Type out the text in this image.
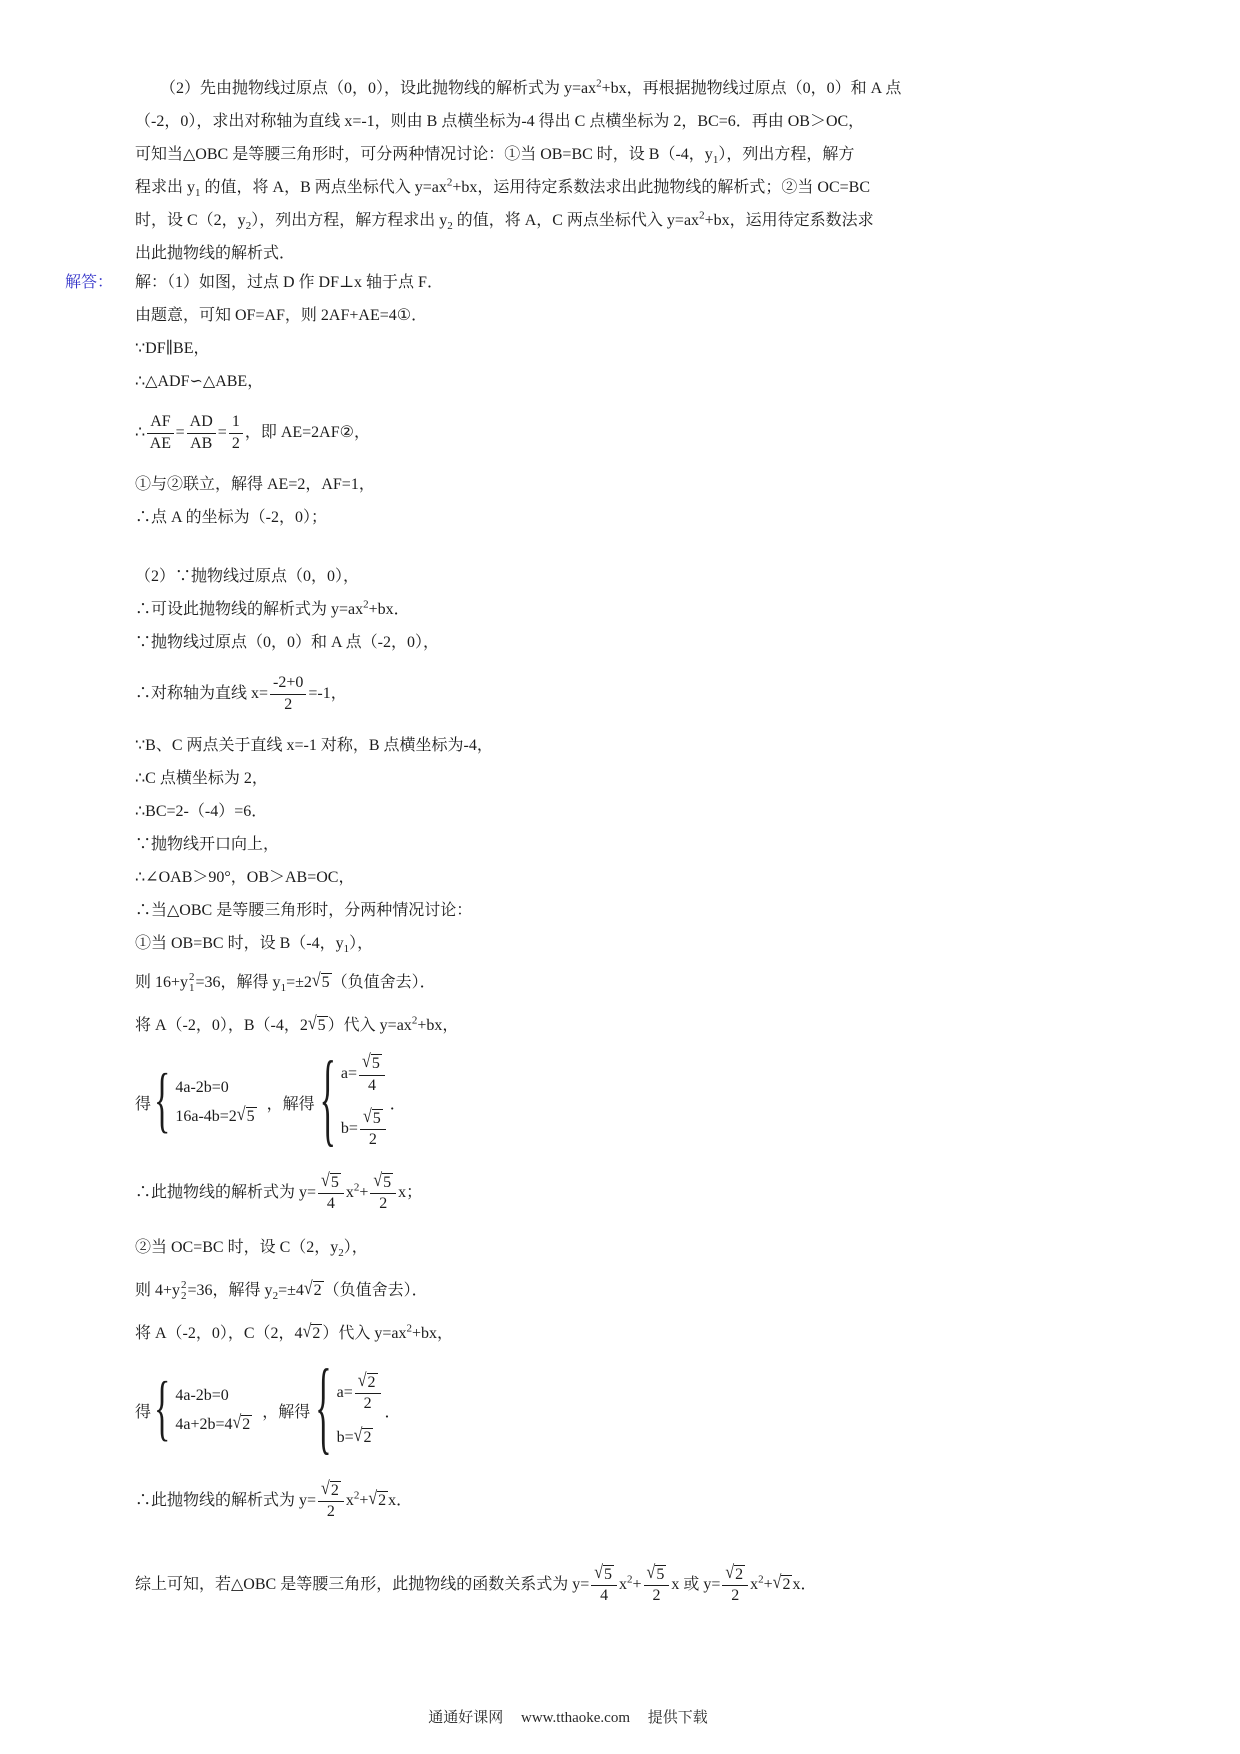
（2）先由抛物线过原点（0，0），设此抛物线的解析式为 $y=ax^2+bx$，再根据抛物线过原点（0，0）和 A 点
（-2，0），求出对称轴为直线 x=-1，则由 B 点横坐标为-4 得出 C 点横坐标为 2，BC=6．再由 OB＞OC，
可知当△OBC 是等腰三角形时，可分两种情况讨论：①当 OB=BC 时，设 B（-4，$y_1$），列出方程，解方
程求出 $y_1$ 的值，将 A，B 两点坐标代入 $y=ax^2+bx$，运用待定系数法求出此抛物线的解析式；②当 OC=BC
时，设 C（2，$y_2$），列出方程，解方程求出 $y_2$ 的值，将 A，C 两点坐标代入 $y=ax^2+bx$，运用待定系数法求
出此抛物线的解析式．
解答：	解：（1）如图，过点 D 作 DF⊥x 轴于点 F．
由题意，可知 OF=AF，则 2AF+AE=4①．
∵DF∥BE，
∴△ADF∽△ABE，
∴ $\frac{AF}{AE} = \frac{AD}{AB} = \frac{1}{2}$ ，即 AE=2AF②，
①与②联立，解得 AE=2，AF=1，
∴点 A 的坐标为（-2，0）；
（2）∵抛物线过原点（0，0），
∴可设此抛物线的解析式为 $y=ax^2+bx$．
∵抛物线过原点（0，0）和 A 点（-2，0），
∴对称轴为直线 $x= \frac{-2+0}{2} =-1$，
∵B、C 两点关于直线 x=-1 对称，B 点横坐标为-4，
∴C 点横坐标为 2，
∴BC=2-（-4）=6．
∵抛物线开口向上，
∴∠OAB＞90°，OB＞AB=OC，
∴当△OBC 是等腰三角形时，分两种情况讨论：
①当 OB=BC 时，设 B（-4，$y_1$），
则 16+y 2
1 =36，解得 $y_1=\pm 2√5$ （负值舍去）．
将 A（-2，0），B（-4，2√5 ）代入 $y=ax^2+bx$，
得 { 4a-2b=0
16a-4b=2√5
，解得 { $a= \frac{√5}{4}$
$b= \frac{√5}{2}$
．
∴此抛物线的解析式为 $y= \frac{√5}{4} x^2+ \frac{√5}{2}$ x；
②当 OC=BC 时，设 C（2，$y_2$），
则 4+y 2
2 =36，解得 $y_2=\pm 4√2$ （负值舍去）．
将 A（-2，0），C（2，4√2 ）代入 $y=ax^2+bx$，
得 { 4a-2b=0
4a+2b=4√2
，解得 { $a= \frac{√2}{2}$
b=√2
．
∴此抛物线的解析式为 $y= \frac{√2}{2} x^2+√2$ x．
综上可知，若△OBC 是等腰三角形，此抛物线的函数关系式为 $y= \frac{√5}{4} x^2+ \frac{√5}{2}$ x 或 $y= \frac{√2}{2} x^2+√2$ x．
通通好课网 www.tthaoke.com 提供下载
